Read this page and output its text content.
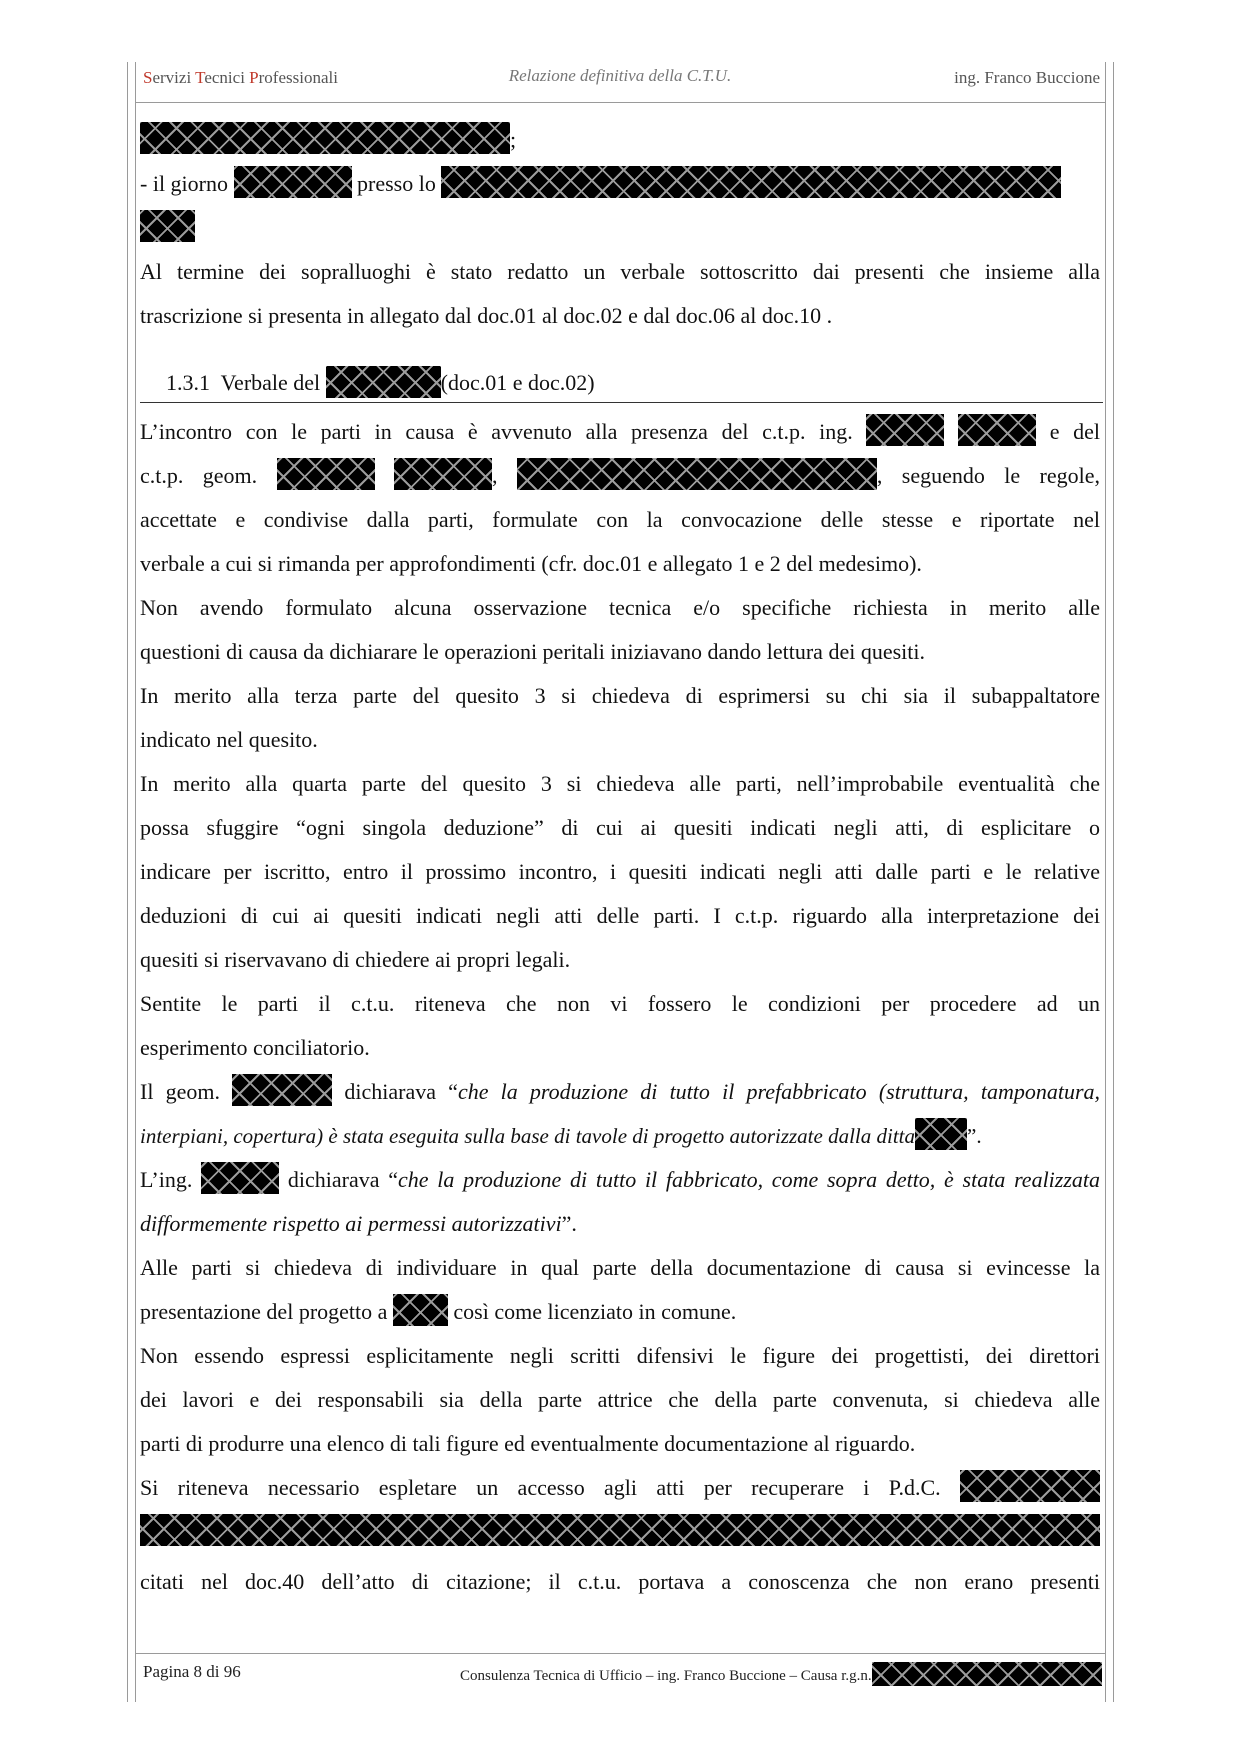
Servizi Tecnici Professionali	Relazione definitiva della C.T.U.	ing. Franco Buccione

;

- il giorno	presso lo

Al termine dei sopralluoghi è stato redatto un verbale sottoscritto dai presenti che insieme alla

trascrizione si presenta in allegato dal doc.01 al doc.02 e dal doc.06 al doc.10 .

1.3.1 Verbale del	(doc.01 e doc.02)

L’incontro con le parti in causa è avvenuto alla presenza del c.t.p. ing.	e del

c.t.p. geom.	,	, seguendo le regole,

accettate e condivise dalla parti, formulate con la convocazione delle stesse e riportate nel

verbale a cui si rimanda per approfondimenti (cfr. doc.01 e allegato 1 e 2 del medesimo).

Non avendo formulato alcuna osservazione tecnica e/o specifiche richiesta in merito alle

questioni di causa da dichiarare le operazioni peritali iniziavano dando lettura dei quesiti.

In merito alla terza parte del quesito 3 si chiedeva di esprimersi su chi sia il subappaltatore

indicato nel quesito.

In merito alla quarta parte del quesito 3 si chiedeva alle parti, nell’improbabile eventualità che

possa sfuggire “ogni singola deduzione” di cui ai quesiti indicati negli atti, di esplicitare o

indicare per iscritto, entro il prossimo incontro, i quesiti indicati negli atti dalle parti e le relative

deduzioni di cui ai quesiti indicati negli atti delle parti. I c.t.p. riguardo alla interpretazione dei

quesiti si riservavano di chiedere ai propri legali.

Sentite le parti il c.t.u. riteneva che non vi fossero le condizioni per procedere ad un

esperimento conciliatorio.

Il geom.	dichiarava “che la produzione di tutto il prefabbricato (struttura, tamponatura,

interpiani, copertura) è stata eseguita sulla base di tavole di progetto autorizzate dalla ditta ”.

L’ing.	dichiarava “che la produzione di tutto il fabbricato, come sopra detto, è stata realizzata

difformemente rispetto ai permessi autorizzativi”.

Alle parti si chiedeva di individuare in qual parte della documentazione di causa si evincesse la

presentazione del progetto a	così come licenziato in comune.

Non essendo espressi esplicitamente negli scritti difensivi le figure dei progettisti, dei direttori

dei lavori e dei responsabili sia della parte attrice che della parte convenuta, si chiedeva alle

parti di produrre una elenco di tali figure ed eventualmente documentazione al riguardo.

Si riteneva necessario espletare un accesso agli atti per recuperare i P.d.C.

citati nel doc.40 dell’atto di citazione; il c.t.u. portava a conoscenza che non erano presenti

Pagina 8 di 96	Consulenza Tecnica di Ufficio – ing. Franco Buccione – Causa r.g.n.
